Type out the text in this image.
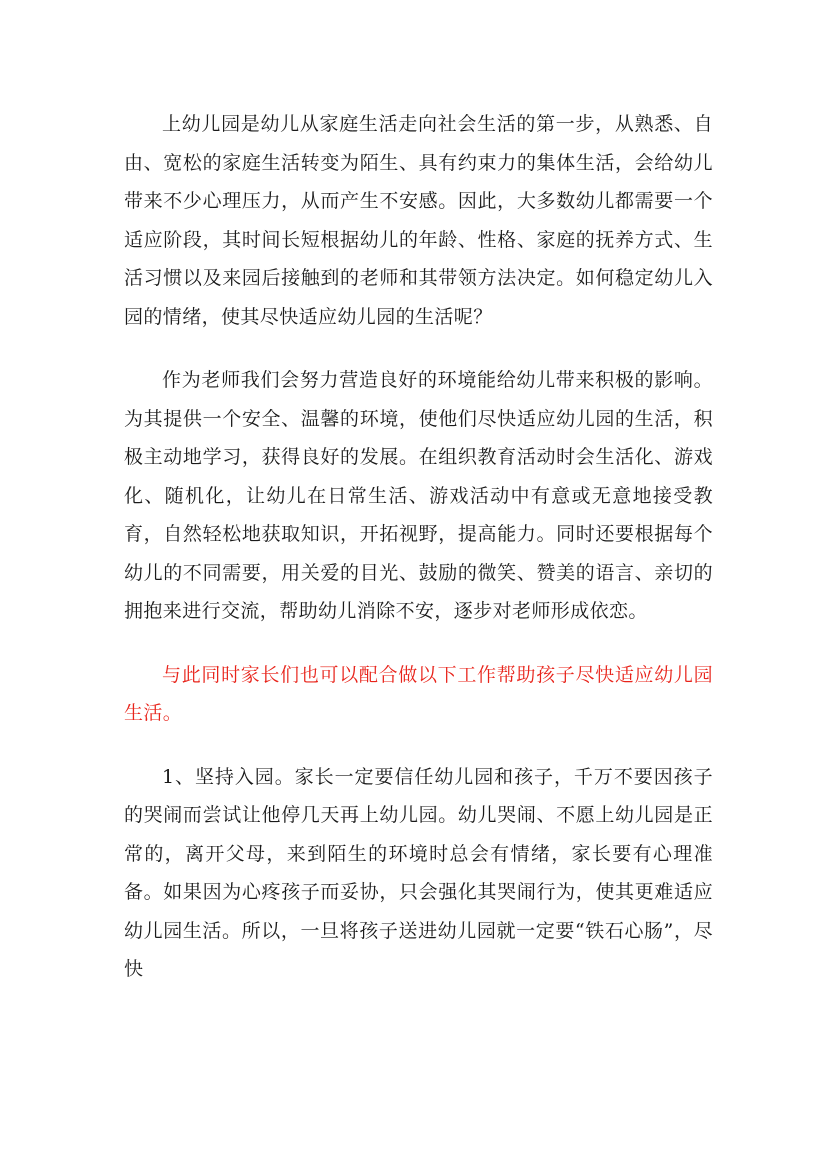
上幼儿园是幼儿从家庭生活走向社会生活的第一步，从熟悉、自由、宽松的家庭生活转变为陌生、具有约束力的集体生活，会给幼儿带来不少心理压力，从而产生不安感。因此，大多数幼儿都需要一个适应阶段，其时间长短根据幼儿的年龄、性格、家庭的抚养方式、生活习惯以及来园后接触到的老师和其带领方法决定。如何稳定幼儿入园的情绪，使其尽快适应幼儿园的生活呢？

作为老师我们会努力营造良好的环境能给幼儿带来积极的影响。为其提供一个安全、温馨的环境，使他们尽快适应幼儿园的生活，积极主动地学习，获得良好的发展。在组织教育活动时会生活化、游戏化、随机化，让幼儿在日常生活、游戏活动中有意或无意地接受教育，自然轻松地获取知识，开拓视野，提高能力。同时还要根据每个幼儿的不同需要，用关爱的目光、鼓励的微笑、赞美的语言、亲切的拥抱来进行交流，帮助幼儿消除不安，逐步对老师形成依恋。

与此同时家长们也可以配合做以下工作帮助孩子尽快适应幼儿园生活。

1、坚持入园。家长一定要信任幼儿园和孩子，千万不要因孩子的哭闹而尝试让他停几天再上幼儿园。幼儿哭闹、不愿上幼儿园是正常的，离开父母，来到陌生的环境时总会有情绪，家长要有心理准备。如果因为心疼孩子而妥协，只会强化其哭闹行为，使其更难适应幼儿园生活。所以，一旦将孩子送进幼儿园就一定要“铁石心肠”，尽快
